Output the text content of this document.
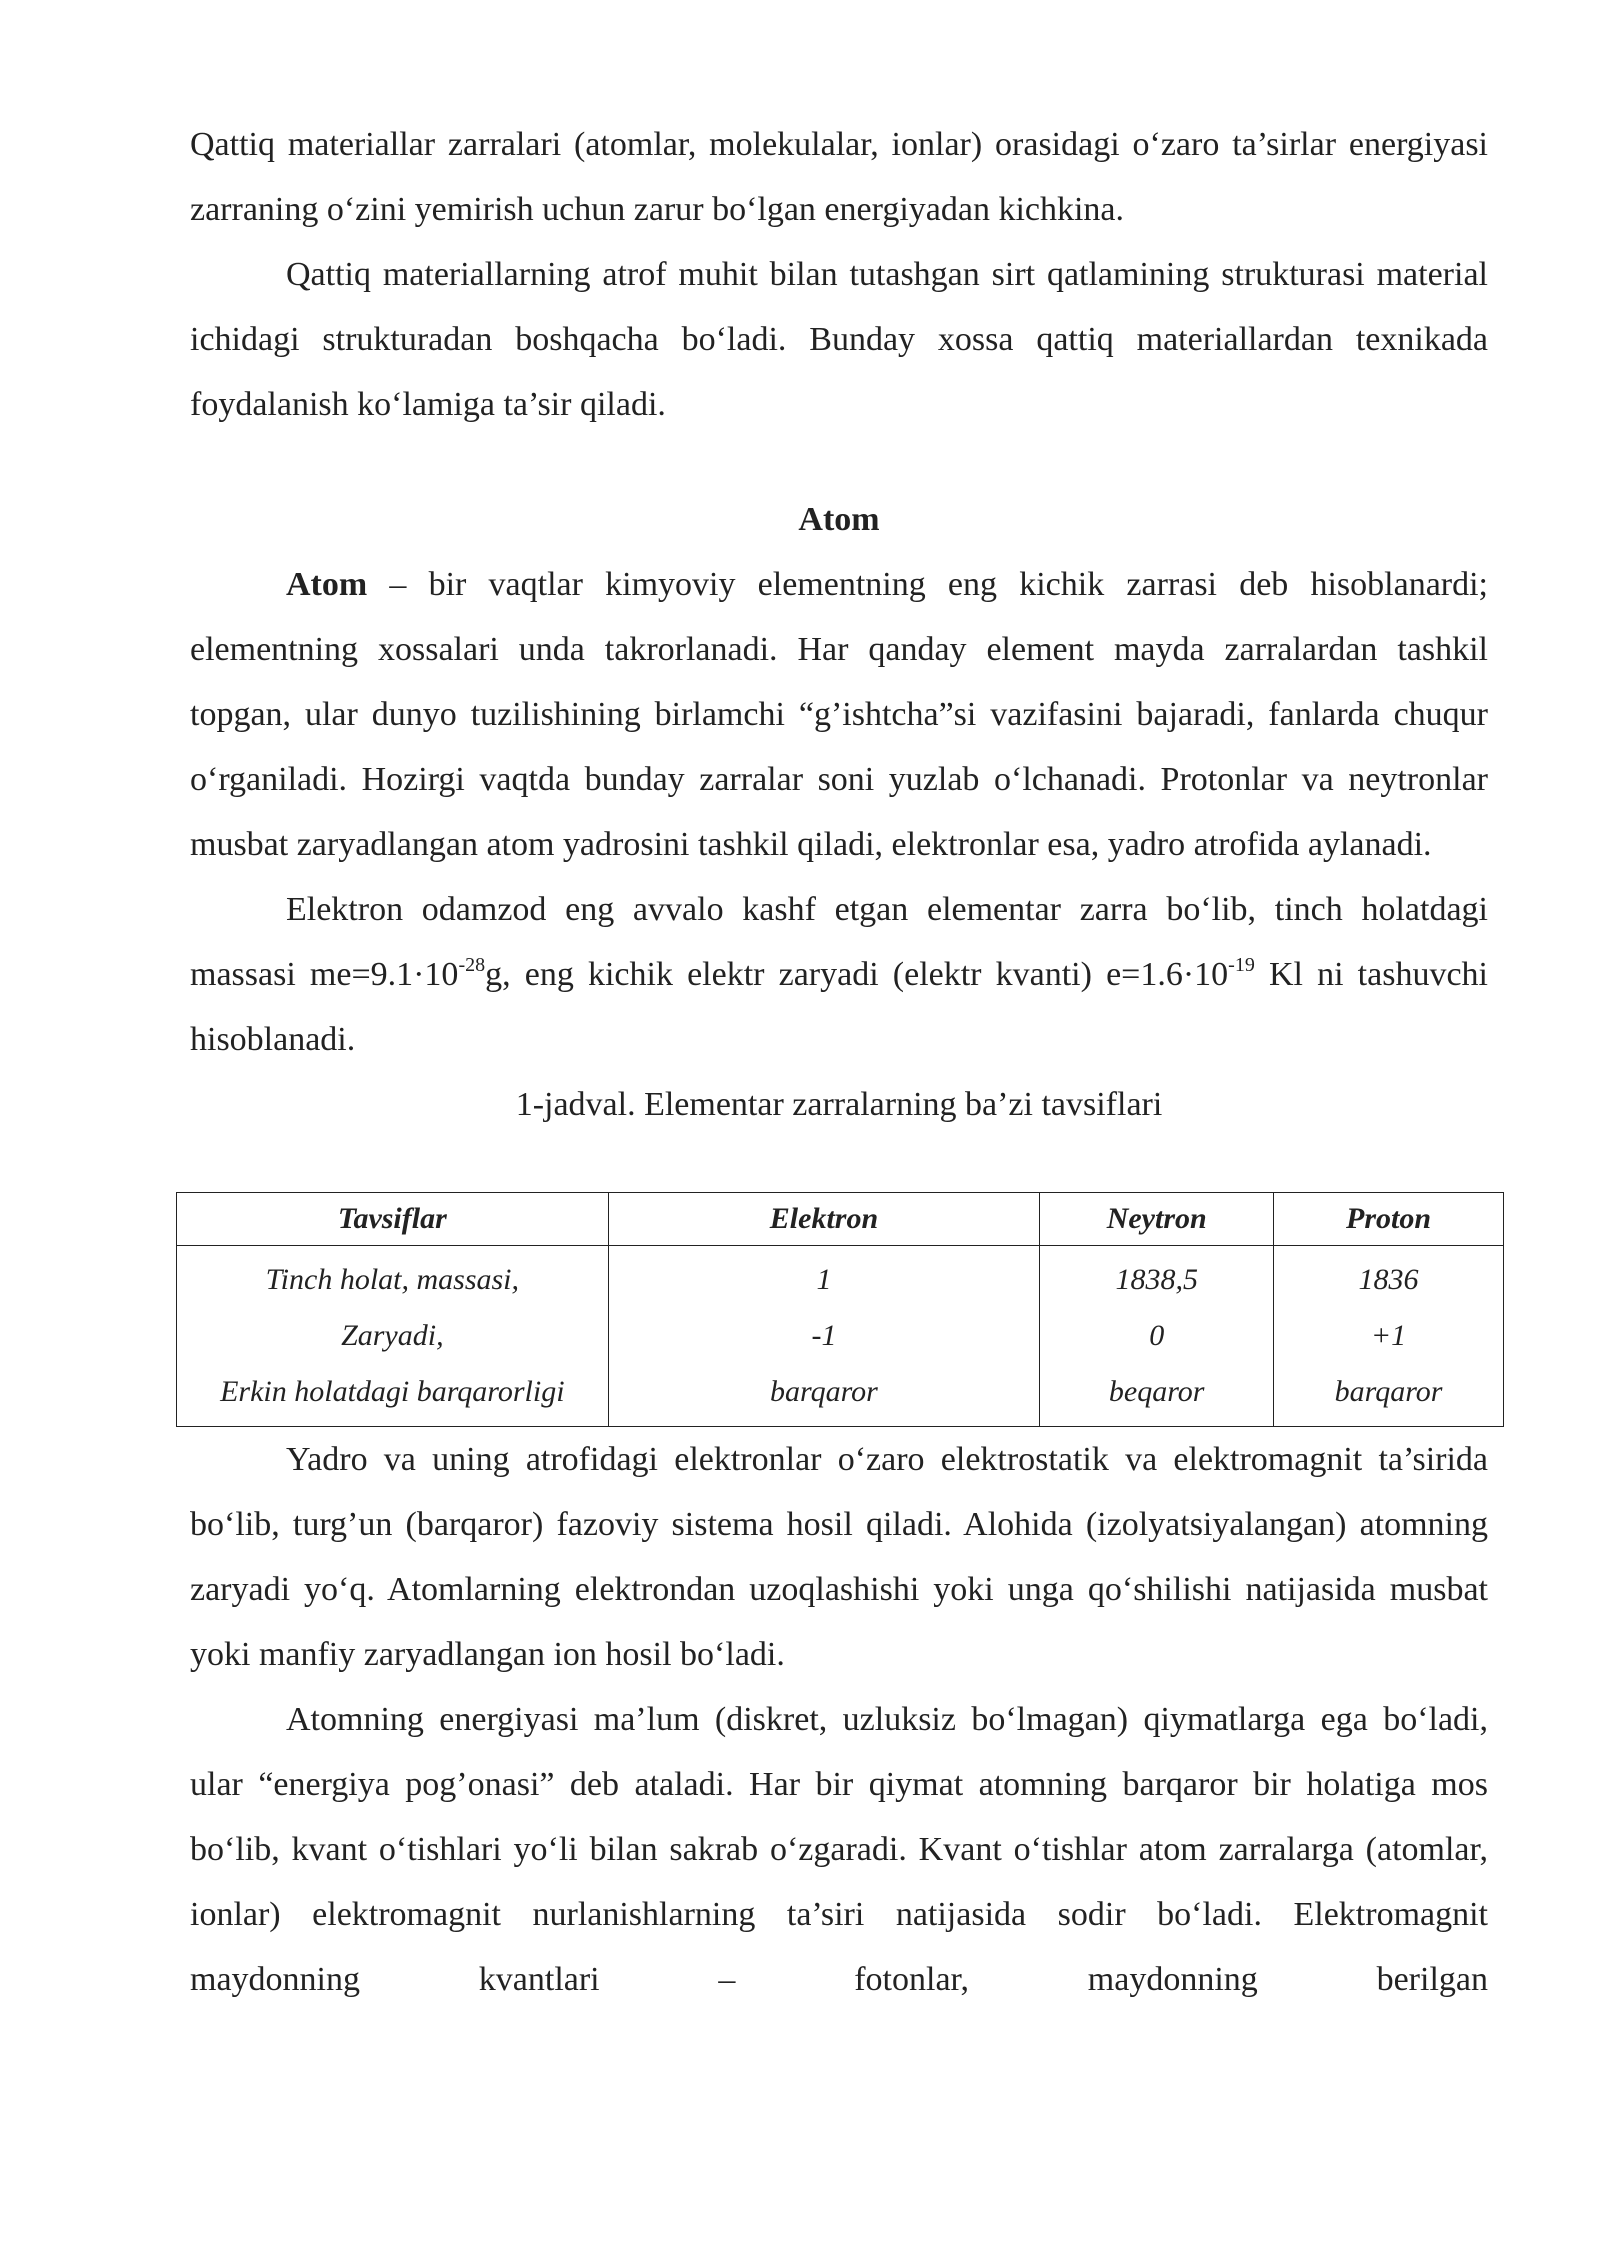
Qattiq materiallar zarralari (atomlar, molekulalar, ionlar) orasidagi o‘zaro ta’sirlar energiyasi zarraning o‘zini yemirish uchun zarur bo‘lgan energiyadan kichkina.

Qattiq materiallarning atrof muhit bilan tutashgan sirt qatlamining strukturasi material ichidagi strukturadan boshqacha bo‘ladi. Bunday xossa qattiq materiallardan texnikada foydalanish ko‘lamiga ta’sir qiladi.

Atom

Atom – bir vaqtlar kimyoviy elementning eng kichik zarrasi deb hisoblanardi; elementning xossalari unda takrorlanadi. Har qanday element mayda zarralardan tashkil topgan, ular dunyo tuzilishining birlamchi “g’ishtcha”si vazifasini bajaradi, fanlarda chuqur o‘rganiladi. Hozirgi vaqtda bunday zarralar soni yuzlab o‘lchanadi. Protonlar va neytronlar musbat zaryadlangan atom yadrosini tashkil qiladi, elektronlar esa, yadro atrofida aylanadi.

Elektron odamzod eng avvalo kashf etgan elementar zarra bo‘lib, tinch holatdagi massasi $me=9.1\cdot 10^{-28}g$, eng kichik elektr zaryadi (elektr kvanti) $e=1.6\cdot 10^{-19}$ Kl ni tashuvchi hisoblanadi.

1-jadval. Elementar zarralarning ba’zi tavsiflari

Tavsiflar	Elektron	Neytron	Proton
Tinch holat, massasi,	1	1838,5	1836
Zaryadi,	-1	0	+1
Erkin holatdagi barqarorligi	barqaror	beqaror	barqaror

Yadro va uning atrofidagi elektronlar o‘zaro elektrostatik va elektromagnit ta’sirida bo‘lib, turg’un (barqaror) fazoviy sistema hosil qiladi. Alohida (izolyatsiyalangan) atomning zaryadi yo‘q. Atomlarning elektrondan uzoqlashishi yoki unga qo‘shilishi natijasida musbat yoki manfiy zaryadlangan ion hosil bo‘ladi.

Atomning energiyasi ma’lum (diskret, uzluksiz bo‘lmagan) qiymatlarga ega bo‘ladi, ular “energiya pog’onasi” deb ataladi. Har bir qiymat atomning barqaror bir holatiga mos bo‘lib, kvant o‘tishlari yo‘li bilan sakrab o‘zgaradi. Kvant o‘tishlar atom zarralarga (atomlar, ionlar) elektromagnit nurlanishlarning ta’siri natijasida sodir bo‘ladi. Elektromagnit maydonning kvantlari – fotonlar, maydonning berilgan
